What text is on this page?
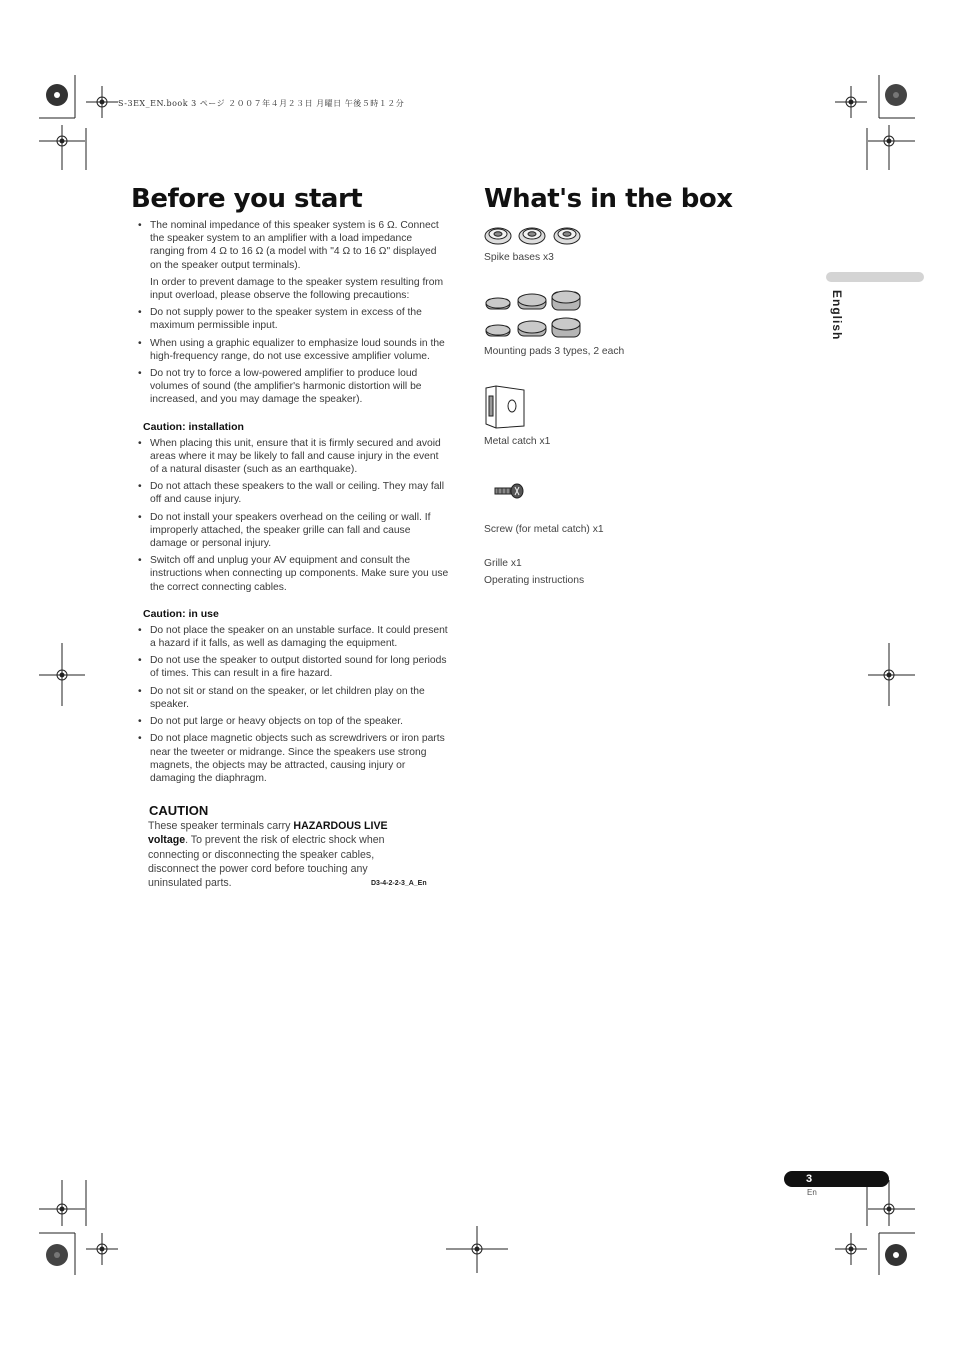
S-3EX_EN.book 3 ページ ２００７年４月２３日 月曜日 午後５時１２分
Before you start
• The nominal impedance of this speaker system is 6 Ω. Connect the speaker system to an amplifier with a load impedance ranging from 4 Ω to 16 Ω (a model with "4 Ω to 16 Ω" displayed on the speaker output terminals).

In order to prevent damage to the speaker system resulting from input overload, please observe the following precautions:

• Do not supply power to the speaker system in excess of the maximum permissible input.
• When using a graphic equalizer to emphasize loud sounds in the high-frequency range, do not use excessive amplifier volume.
• Do not try to force a low-powered amplifier to produce loud volumes of sound (the amplifier's harmonic distortion will be increased, and you may damage the speaker).

Caution: installation

• When placing this unit, ensure that it is firmly secured and avoid areas where it may be likely to fall and cause injury in the event of a natural disaster (such as an earthquake).
• Do not attach these speakers to the wall or ceiling. They may fall off and cause injury.
• Do not install your speakers overhead on the ceiling or wall. If improperly attached, the speaker grille can fall and cause damage or personal injury.
• Switch off and unplug your AV equipment and consult the instructions when connecting up components. Make sure you use the correct connecting cables.

Caution: in use

• Do not place the speaker on an unstable surface. It could present a hazard if it falls, as well as damaging the equipment.
• Do not use the speaker to output distorted sound for long periods of times. This can result in a fire hazard.
• Do not sit or stand on the speaker, or let children play on the speaker.
• Do not put large or heavy objects on top of the speaker.
• Do not place magnetic objects such as screwdrivers or iron parts near the tweeter or midrange. Since the speakers use strong magnets, the objects may be attracted, causing injury or damaging the diaphragm.
CAUTION
These speaker terminals carry HAZARDOUS LIVE voltage. To prevent the risk of electric shock when connecting or disconnecting the speaker cables, disconnect the power cord before touching any uninsulated parts.	D3-4-2-2-3_A_En
What's in the box
Spike bases x3
Mounting pads 3 types, 2 each
Metal catch x1
Screw (for metal catch) x1
Grille x1
Operating instructions
English
3
En
